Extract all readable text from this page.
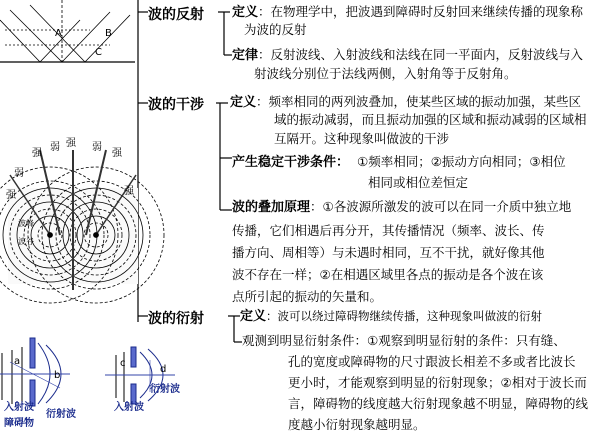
A	B
C
强
弱 强 弱
强
弱
强	强
波峰
波谷
a
b
c
d
入射波
衍射波
障碍物
入射波
衍射波
波的反射 定义：在物理学中，把波遇到障碍时反射回来继续传播的现象称
为波的反射
定律：反射波线、入射波线和法线在同一平面内，反射波线与入
射波线分别位于法线两侧，入射角等于反射角。
波的干涉 定义：频率相同的两列波叠加，使某些区域的振动加强，某些区
域的振动减弱，而且振动加强的区域和振动减弱的区域相
互隔开。这种现象叫做波的干涉
产生稳定干涉条件： ①频率相同；②振动方向相同；③相位
相同或相位差恒定
波的叠加原理：①各波源所激发的波可以在同一介质中独立地
传播，它们相遇后再分开，其传播情况（频率、波长、传
播方向、周相等）与未遇时相同，互不干扰，就好像其他
波不存在一样；②在相遇区域里各点的振动是各个波在该
点所引起的振动的矢量和。
波的衍射	定义：波可以绕过障碍物继续传播，这种现象叫做波的衍射
观测到明显衍射条件：①观察到明显衍射的条件：只有缝、
孔的宽度或障碍物的尺寸跟波长相差不多或者比波长
更小时，才能观察到明显的衍射现象；②相对于波长而
言，障碍物的线度越大衍射现象越不明显，障碍物的线
度越小衍射现象越明显。
